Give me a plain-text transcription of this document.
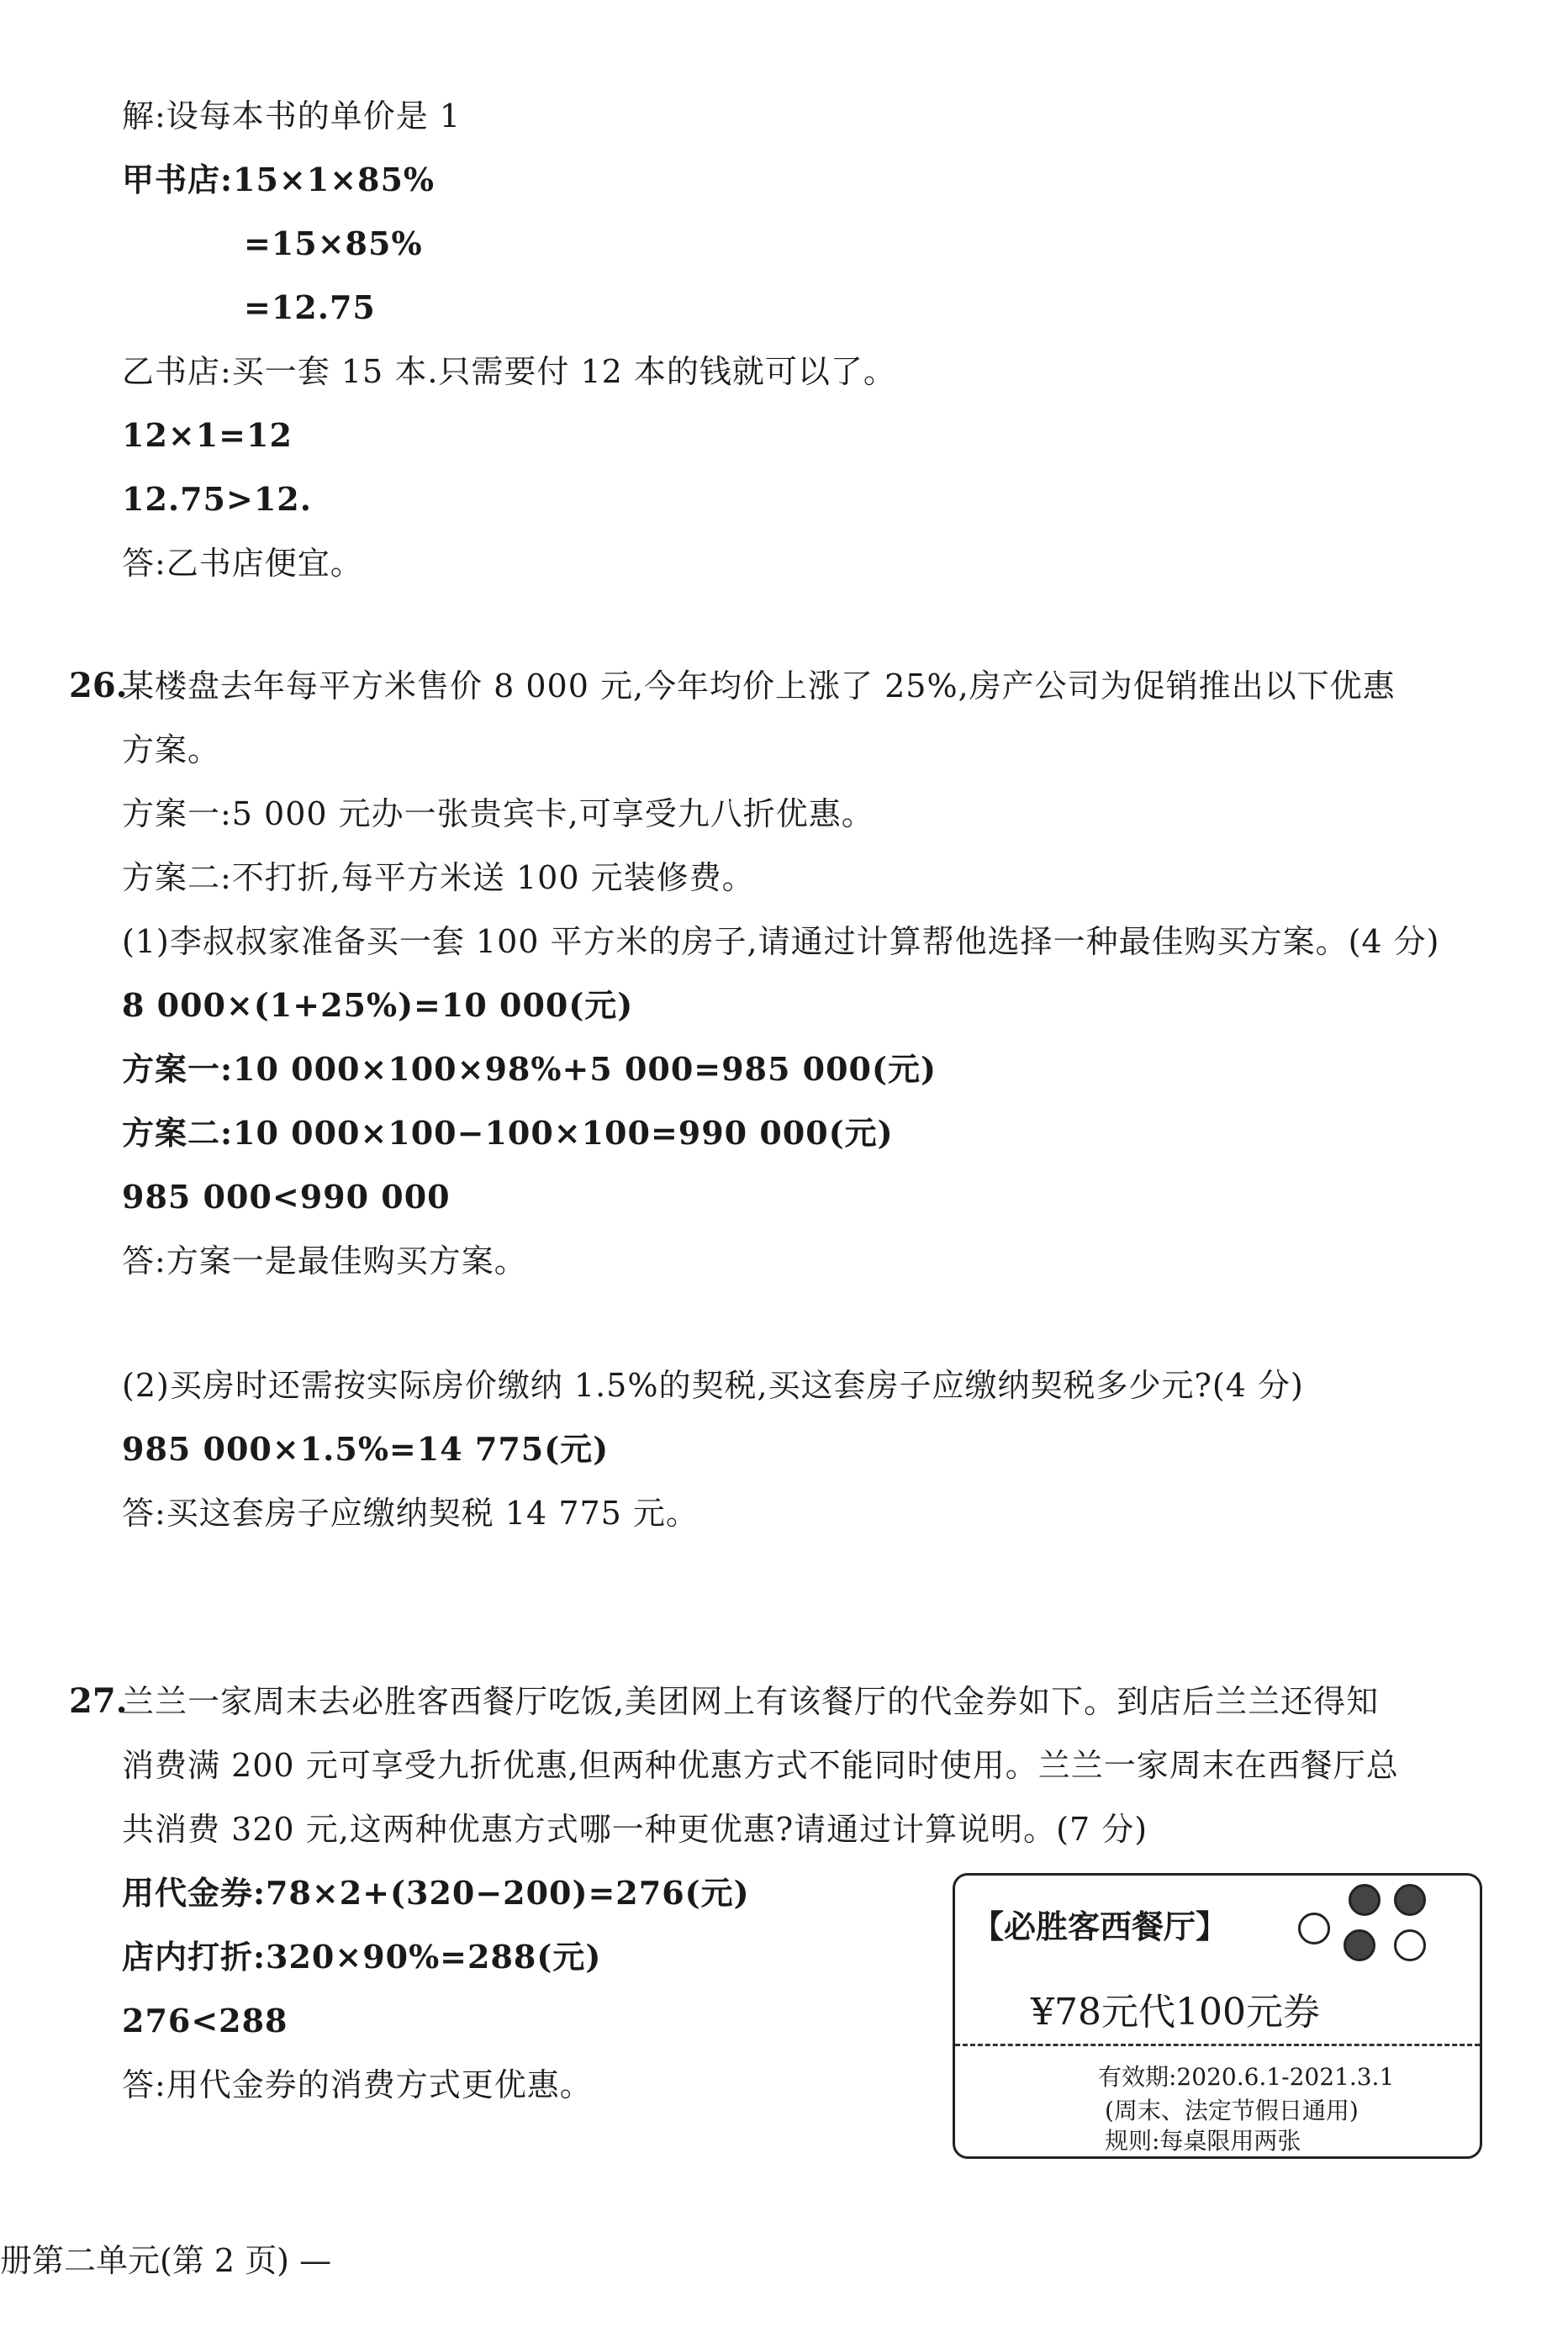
解:设每本书的单价是 1
甲书店:15×1×85%
=15×85%
=12.75
乙书店:买一套 15 本.只需要付 12 本的钱就可以了。
12×1=12
12.75>12.
答:乙书店便宜。
26.
某楼盘去年每平方米售价 8 000 元,今年均价上涨了 25%,房产公司为促销推出以下优惠
方案。
方案一:5 000 元办一张贵宾卡,可享受九八折优惠。
方案二:不打折,每平方米送 100 元装修费。
(1)李叔叔家准备买一套 100 平方米的房子,请通过计算帮他选择一种最佳购买方案。(4 分)
8 000×(1+25%)=10 000(元)
方案一:10 000×100×98%+5 000=985 000(元)
方案二:10 000×100−100×100=990 000(元)
985 000<990 000
答:方案一是最佳购买方案。
(2)买房时还需按实际房价缴纳 1.5%的契税,买这套房子应缴纳契税多少元?(4 分)
985 000×1.5%=14 775(元)
答:买这套房子应缴纳契税 14 775 元。
27.
兰兰一家周末去必胜客西餐厅吃饭,美团网上有该餐厅的代金券如下。到店后兰兰还得知
消费满 200 元可享受九折优惠,但两种优惠方式不能同时使用。兰兰一家周末在西餐厅总
共消费 320 元,这两种优惠方式哪一种更优惠?请通过计算说明。(7 分)
用代金券:78×2+(320−200)=276(元)
店内打折:320×90%=288(元)
276<288
答:用代金券的消费方式更优惠。
【必胜客西餐厅】
¥78元代100元券
有效期:2020.6.1-2021.3.1
(周末、法定节假日通用)
规则:每桌限用两张
册第二单元(第 2 页) —
